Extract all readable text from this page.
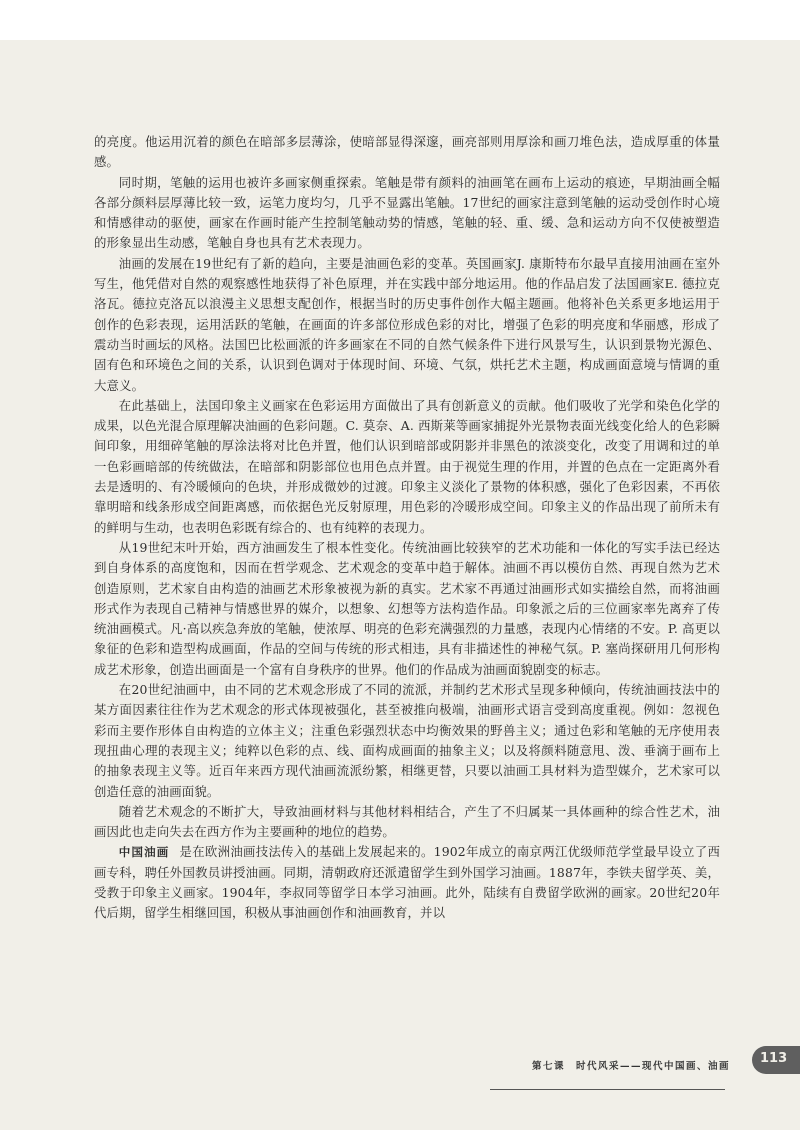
的亮度。他运用沉着的颜色在暗部多层薄涂，使暗部显得深邃，画亮部则用厚涂和画刀堆色法，造成厚重的体量感。

同时期，笔触的运用也被许多画家侧重探索。笔触是带有颜料的油画笔在画布上运动的痕迹，早期油画全幅各部分颜料层厚薄比较一致，运笔力度均匀，几乎不显露出笔触。17世纪的画家注意到笔触的运动受创作时心境和情感律动的驱使，画家在作画时能产生控制笔触动势的情感，笔触的轻、重、缓、急和运动方向不仅使被塑造的形象显出生动感，笔触自身也具有艺术表现力。

油画的发展在19世纪有了新的趋向，主要是油画色彩的变革。英国画家J. 康斯特布尔最早直接用油画在室外写生，他凭借对自然的观察感性地获得了补色原理，并在实践中部分地运用。他的作品启发了法国画家E. 德拉克洛瓦。德拉克洛瓦以浪漫主义思想支配创作，根据当时的历史事件创作大幅主题画。他将补色关系更多地运用于创作的色彩表现，运用活跃的笔触，在画面的许多部位形成色彩的对比，增强了色彩的明亮度和华丽感，形成了震动当时画坛的风格。法国巴比松画派的许多画家在不同的自然气候条件下进行风景写生，认识到景物光源色、固有色和环境色之间的关系，认识到色调对于体现时间、环境、气氛，烘托艺术主题，构成画面意境与情调的重大意义。

在此基础上，法国印象主义画家在色彩运用方面做出了具有创新意义的贡献。他们吸收了光学和染色化学的成果，以色光混合原理解决油画的色彩问题。C. 莫奈、A. 西斯莱等画家捕捉外光景物表面光线变化给人的色彩瞬间印象，用细碎笔触的厚涂法将对比色并置，他们认识到暗部或阴影并非黑色的浓淡变化，改变了用调和过的单一色彩画暗部的传统做法，在暗部和阴影部位也用色点并置。由于视觉生理的作用，并置的色点在一定距离外看去是透明的、有冷暖倾向的色块，并形成微妙的过渡。印象主义淡化了景物的体积感，强化了色彩因素，不再依靠明暗和线条形成空间距离感，而依据色光反射原理，用色彩的冷暖形成空间。印象主义的作品出现了前所未有的鲜明与生动，也表明色彩既有综合的、也有纯粹的表现力。

从19世纪末叶开始，西方油画发生了根本性变化。传统油画比较狭窄的艺术功能和一体化的写实手法已经达到自身体系的高度饱和，因而在哲学观念、艺术观念的变革中趋于解体。油画不再以模仿自然、再现自然为艺术创造原则，艺术家自由构造的油画艺术形象被视为新的真实。艺术家不再通过油画形式如实描绘自然，而将油画形式作为表现自己精神与情感世界的媒介，以想象、幻想等方法构造作品。印象派之后的三位画家率先离弃了传统油画模式。凡·高以疾急奔放的笔触，使浓厚、明亮的色彩充满强烈的力量感，表现内心情绪的不安。P. 高更以象征的色彩和造型构成画面，作品的空间与传统的形式相违，具有非描述性的神秘气氛。P. 塞尚探研用几何形构成艺术形象，创造出画面是一个富有自身秩序的世界。他们的作品成为油画面貌剧变的标志。

在20世纪油画中，由不同的艺术观念形成了不同的流派，并制约艺术形式呈现多种倾向，传统油画技法中的某方面因素往往作为艺术观念的形式体现被强化，甚至被推向极端，油画形式语言受到高度重视。例如：忽视色彩而主要作形体自由构造的立体主义；注重色彩强烈状态中均衡效果的野兽主义；通过色彩和笔触的无序使用表现扭曲心理的表现主义；纯粹以色彩的点、线、面构成画面的抽象主义；以及将颜料随意甩、泼、垂滴于画布上的抽象表现主义等。近百年来西方现代油画流派纷繁，相继更替，只要以油画工具材料为造型媒介，艺术家可以创造任意的油画面貌。

随着艺术观念的不断扩大，导致油画材料与其他材料相结合，产生了不归属某一具体画种的综合性艺术，油画因此也走向失去在西方作为主要画种的地位的趋势。

中国油画 是在欧洲油画技法传入的基础上发展起来的。1902年成立的南京两江优级师范学堂最早设立了西画专科，聘任外国教员讲授油画。同期，清朝政府还派遣留学生到外国学习油画。1887年，李铁夫留学英、美，受教于印象主义画家。1904年，李叔同等留学日本学习油画。此外，陆续有自费留学欧洲的画家。20世纪20年代后期，留学生相继回国，积极从事油画创作和油画教育，并以

第七课　时代风采——现代中国画、油画
113
